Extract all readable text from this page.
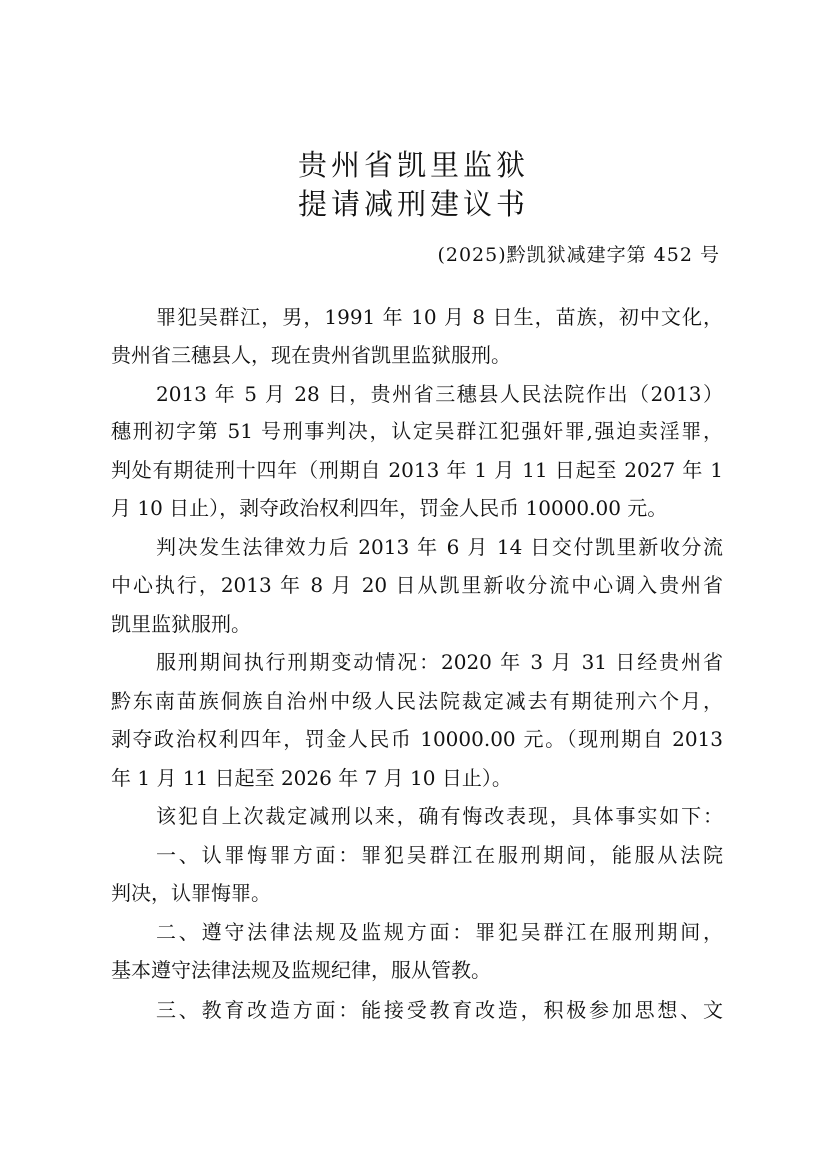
贵州省凯里监狱
提请减刑建议书
(2025)黔凯狱减建字第 452 号
罪犯吴群江，男，1991 年 10 月 8 日生，苗族，初中文化，
贵州省三穗县人，现在贵州省凯里监狱服刑。
2013 年 5 月 28 日，贵州省三穗县人民法院作出（2013）
穗刑初字第 51 号刑事判决，认定吴群江犯强奸罪,强迫卖淫罪，
判处有期徒刑十四年（刑期自 2013 年 1 月 11 日起至 2027 年 1
月 10 日止），剥夺政治权利四年，罚金人民币 10000.00 元。
判决发生法律效力后 2013 年 6 月 14 日交付凯里新收分流
中心执行，2013 年 8 月 20 日从凯里新收分流中心调入贵州省
凯里监狱服刑。
服刑期间执行刑期变动情况：2020 年 3 月 31 日经贵州省
黔东南苗族侗族自治州中级人民法院裁定减去有期徒刑六个月，
剥夺政治权利四年，罚金人民币 10000.00 元。（现刑期自 2013
年 1 月 11 日起至 2026 年 7 月 10 日止）。
该犯自上次裁定减刑以来，确有悔改表现，具体事实如下：
一、认罪悔罪方面：罪犯吴群江在服刑期间，能服从法院
判决，认罪悔罪。
二、遵守法律法规及监规方面：罪犯吴群江在服刑期间，
基本遵守法律法规及监规纪律，服从管教。
三、教育改造方面：能接受教育改造，积极参加思想、文
